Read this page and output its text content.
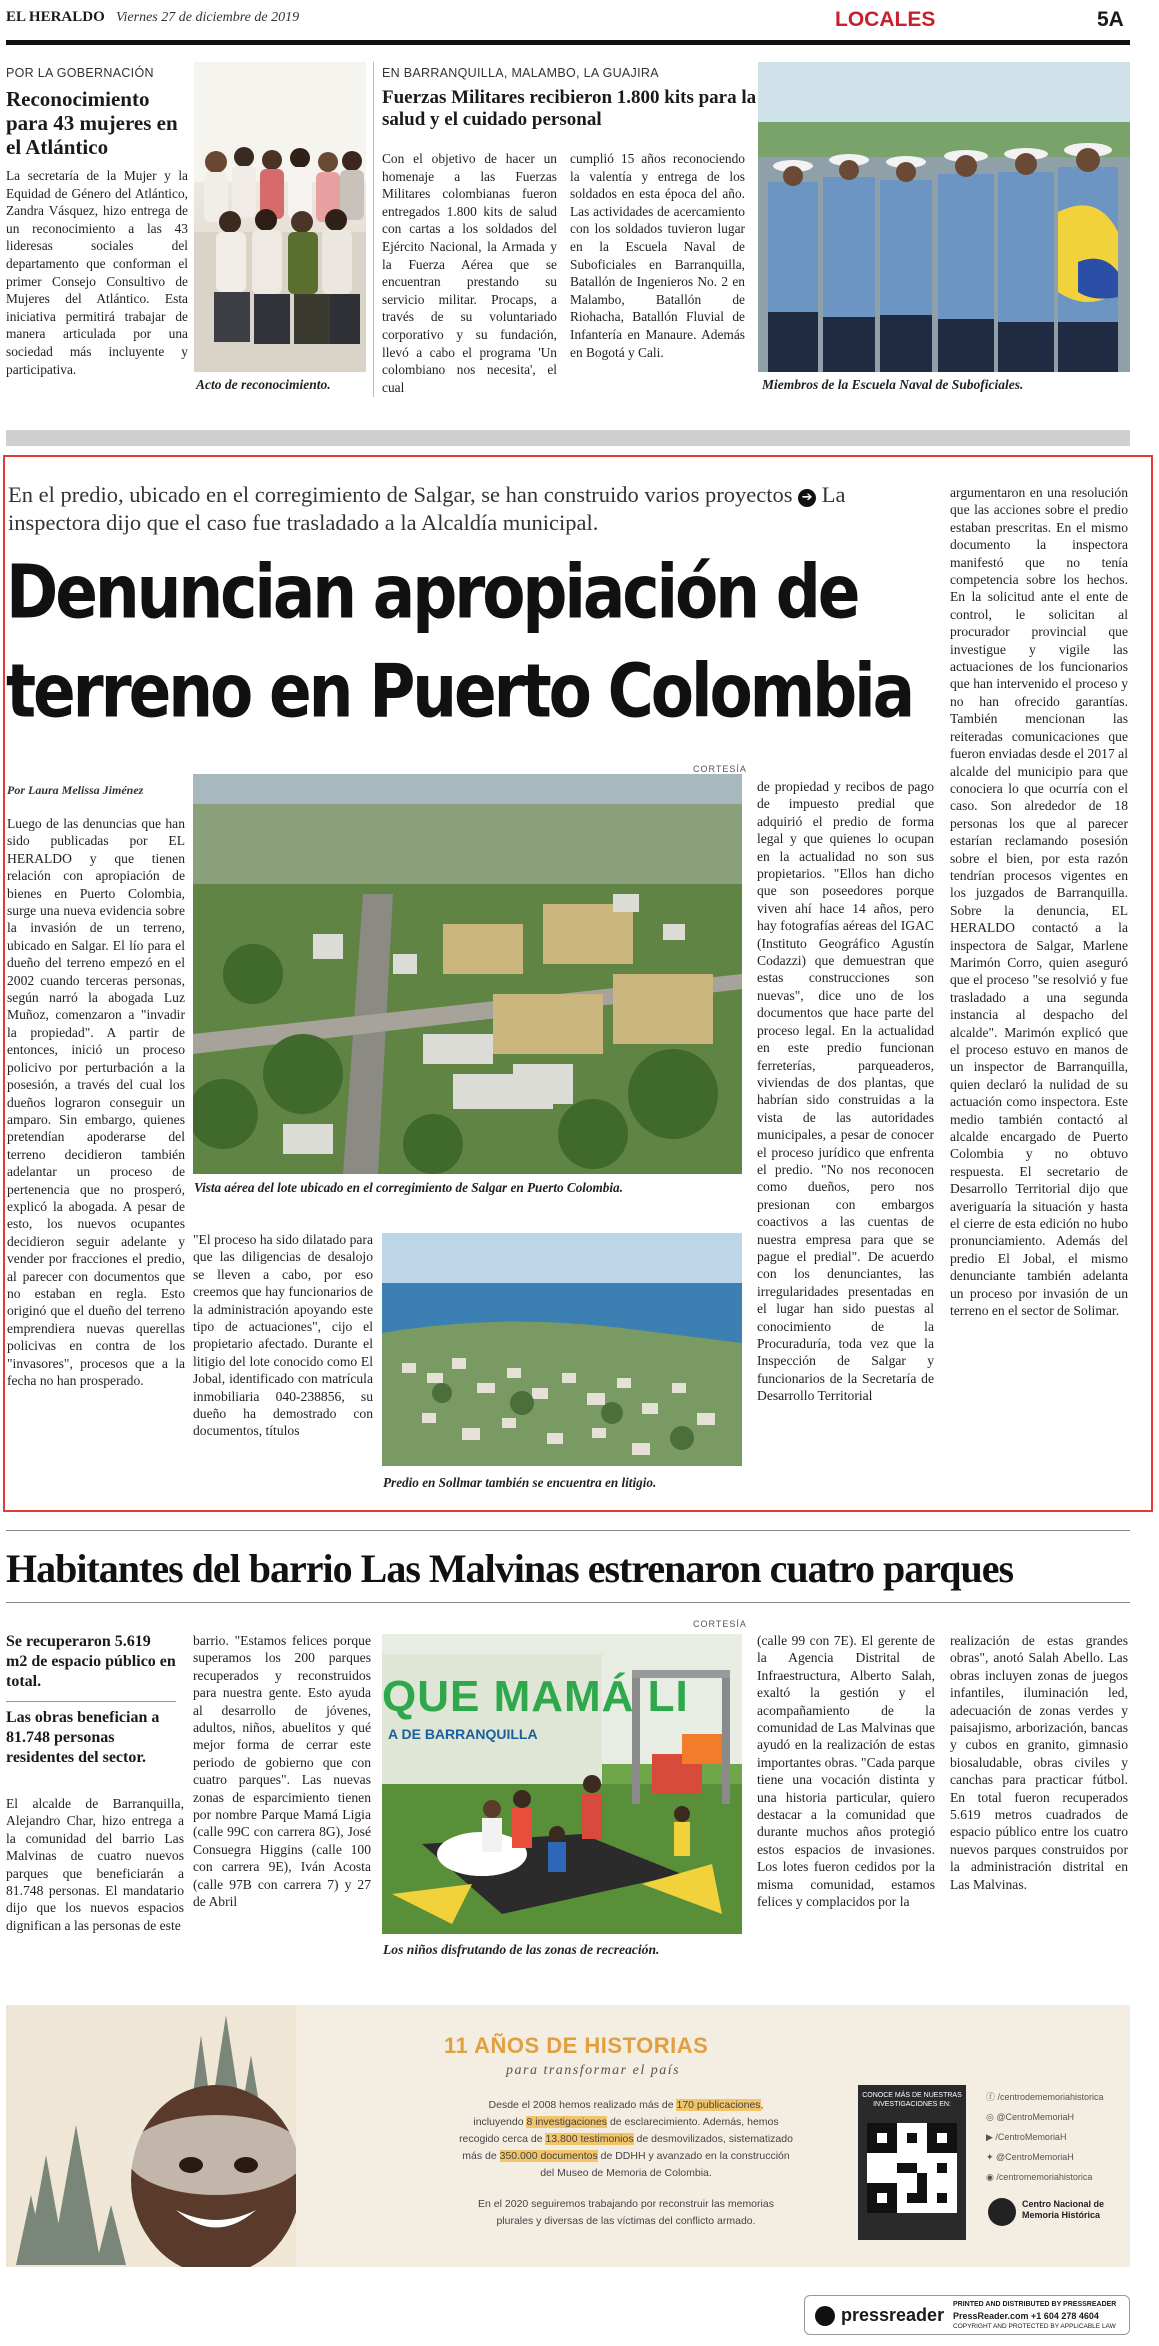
EL HERALDO Viernes 27 de diciembre de 2019	LOCALES	5A
POR LA GOBERNACIÓN
Reconocimiento para 43 mujeres en el Atlántico
La secretaría de la Mujer y la Equidad de Género del Atlántico, Zandra Vásquez, hizo entrega de un reconocimiento a las 43 lideresas sociales del departamento que conforman el primer Consejo Consultivo de Mujeres del Atlántico. Esta iniciativa permitirá trabajar de manera articulada por una sociedad más incluyente y participativa.
Acto de reconocimiento.
EN BARRANQUILLA, MALAMBO, LA GUAJIRA
Fuerzas Militares recibieron 1.800 kits para la salud y el cuidado personal
Con el objetivo de hacer un homenaje a las Fuerzas Militares colombianas fueron entregados 1.800 kits de salud con cartas a los soldados del Ejército Nacional, la Armada y la Fuerza Aérea que se encuentran prestando su servicio militar. Procaps, a través de su voluntariado corporativo y su fundación, llevó a cabo el programa 'Un colombiano nos necesita', el cual
cumplió 15 años reconociendo la valentía y entrega de los soldados en esta época del año. Las actividades de acercamiento con los soldados tuvieron lugar en la Escuela Naval de Suboficiales en Barranquilla, Batallón de Ingenieros No. 2 en Malambo, Batallón de Riohacha, Batallón Fluvial de Infantería en Manaure. Además en Bogotá y Cali.
Miembros de la Escuela Naval de Suboficiales.
En el predio, ubicado en el corregimiento de Salgar, se han construido varios proyectos ➔ La inspectora dijo que el caso fue trasladado a la Alcaldía municipal.
Denuncian apropiación de
terreno en Puerto Colombia
Por Laura Melissa Jiménez
CORTESÍA
Luego de las denuncias que han sido publicadas por EL HERALDO y que tienen relación con apropiación de bienes en Puerto Colombia, surge una nueva evidencia sobre la invasión de un terreno, ubicado en Salgar. El lío para el dueño del terreno empezó en el 2002 cuando terceras personas, según narró la abogada Luz Muñoz, comenzaron a "invadir la propiedad". A partir de entonces, inició un proceso policivo por perturbación a la posesión, a través del cual los dueños lograron conseguir un amparo. Sin embargo, quienes pretendían apoderarse del terreno decidieron también adelantar un proceso de pertenencia que no prosperó, explicó la abogada. A pesar de esto, los nuevos ocupantes decidieron seguir adelante y vender por fracciones el predio, al parecer con documentos que no estaban en regla. Esto originó que el dueño del terreno emprendiera nuevas querellas policivas en contra de los "invasores", procesos que a la fecha no han prosperado.
Vista aérea del lote ubicado en el corregimiento de Salgar en Puerto Colombia.
"El proceso ha sido dilatado para que las diligencias de desalojo se lleven a cabo, por eso creemos que hay funcionarios de la administración apoyando este tipo de actuaciones", cijo el propietario afectado. Durante el litigio del lote conocido como El Jobal, identificado con matrícula inmobiliaria 040-238856, su dueño ha demostrado con documentos, títulos
Predio en Sollmar también se encuentra en litigio.
de propiedad y recibos de pago de impuesto predial que adquirió el predio de forma legal y que quienes lo ocupan en la actualidad no son sus propietarios. "Ellos han dicho que son poseedores porque viven ahí hace 14 años, pero hay fotografías aéreas del IGAC (Instituto Geográfico Agustín Codazzi) que demuestran que estas construcciones son nuevas", dice uno de los documentos que hace parte del proceso legal. En la actualidad en este predio funcionan ferreterías, parqueaderos, viviendas de dos plantas, que habrían sido construidas a la vista de las autoridades municipales, a pesar de conocer el proceso jurídico que enfrenta el predio. "No nos reconocen como dueños, pero nos presionan con embargos coactivos a las cuentas de nuestra empresa para que se pague el predial". De acuerdo con los denunciantes, las irregularidades presentadas en el lugar han sido puestas al conocimiento de la Procuraduría, toda vez que la Inspección de Salgar y funcionarios de la Secretaría de Desarrollo Territorial
argumentaron en una resolución que las acciones sobre el predio estaban prescritas. En el mismo documento la inspectora manifestó que no tenía competencia sobre los hechos. En la solicitud ante el ente de control, le solicitan al procurador provincial que investigue y vigile las actuaciones de los funcionarios que han intervenido el proceso y no han ofrecido garantías. También mencionan las reiteradas comunicaciones que fueron enviadas desde el 2017 al alcalde del municipio para que conociera lo que ocurría con el caso. Son alrededor de 18 personas los que al parecer estarían reclamando posesión sobre el bien, por esta razón tendrían procesos vigentes en los juzgados de Barranquilla. Sobre la denuncia, EL HERALDO contactó a la inspectora de Salgar, Marlene Marimón Corro, quien aseguró que el proceso "se resolvió y fue trasladado a una segunda instancia al despacho del alcalde". Marimón explicó que el proceso estuvo en manos de un inspector de Barranquilla, quien declaró la nulidad de su actuación como inspectora. Este medio también contactó al alcalde encargado de Puerto Colombia y no obtuvo respuesta. El secretario de Desarrollo Territorial dijo que averiguaría la situación y hasta el cierre de esta edición no hubo pronunciamiento. Además del predio El Jobal, el mismo denunciante también adelanta un proceso por invasión de un terreno en el sector de Solimar.
Habitantes del barrio Las Malvinas estrenaron cuatro parques
Se recuperaron 5.619 m2 de espacio público en total.
Las obras benefician a 81.748 personas residentes del sector.
El alcalde de Barranquilla, Alejandro Char, hizo entrega a la comunidad del barrio Las Malvinas de cuatro nuevos parques que beneficiarán a 81.748 personas. El mandatario dijo que los nuevos espacios dignifican a las personas de este
barrio. "Estamos felices porque superamos los 200 parques recuperados y reconstruidos para nuestra gente. Esto ayuda al desarrollo de jóvenes, adultos, niños, abuelitos y qué mejor forma de cerrar este periodo de gobierno que con cuatro parques". Las nuevas zonas de esparcimiento tienen por nombre Parque Mamá Ligia (calle 99C con carrera 8G), José Consuegra Higgins (calle 100 con carrera 9E), Iván Acosta (calle 97B con carrera 7) y 27 de Abril
CORTESÍA
QUE MAMÁ LI
A DE BARRANQUILLA
Los niños disfrutando de las zonas de recreación.
(calle 99 con 7E). El gerente de la Agencia Distrital de Infraestructura, Alberto Salah, exaltó la gestión y el acompañamiento de la comunidad de Las Malvinas que ayudó en la realización de estas importantes obras. "Cada parque tiene una vocación distinta y una historia particular, quiero destacar a la comunidad que durante muchos años protegió estos espacios de invasiones. Los lotes fueron cedidos por la misma comunidad, estamos felices y complacidos por la
realización de estas grandes obras", anotó Salah Abello. Las obras incluyen zonas de juegos infantiles, iluminación led, adecuación de zonas verdes y paisajismo, arborización, bancas y cubos en granito, gimnasio biosaludable, obras civiles y canchas para practicar fútbol. En total fueron recuperados 5.619 metros cuadrados de espacio público entre los cuatro nuevos parques construidos por la administración distrital en Las Malvinas.
11 AÑOS DE HISTORIAS
para transformar el país
Desde el 2008 hemos realizado más de 170 publicaciones,
incluyendo 8 investigaciones de esclarecimiento. Además, hemos
recogido cerca de 13.800 testimonios de desmovilizados, sistematizado
más de 350.000 documentos de DDHH y avanzado en la construcción
del Museo de Memoria de Colombia.
En el 2020 seguiremos trabajando por reconstruir las memorias
plurales y diversas de las víctimas del conflicto armado.
CONOCE MÁS DE NUESTRAS INVESTIGACIONES EN:
ⓕ /centrodememoriahistorica
◎ @CentroMemoriaH
▶ /CentroMemoriaH
✦ @CentroMemoriaH
◉ /centromemoriahistorica
Centro Nacional de Memoria Histórica
pressreader
PRINTED AND DISTRIBUTED BY PRESSREADER
PressReader.com +1 604 278 4604
COPYRIGHT AND PROTECTED BY APPLICABLE LAW
